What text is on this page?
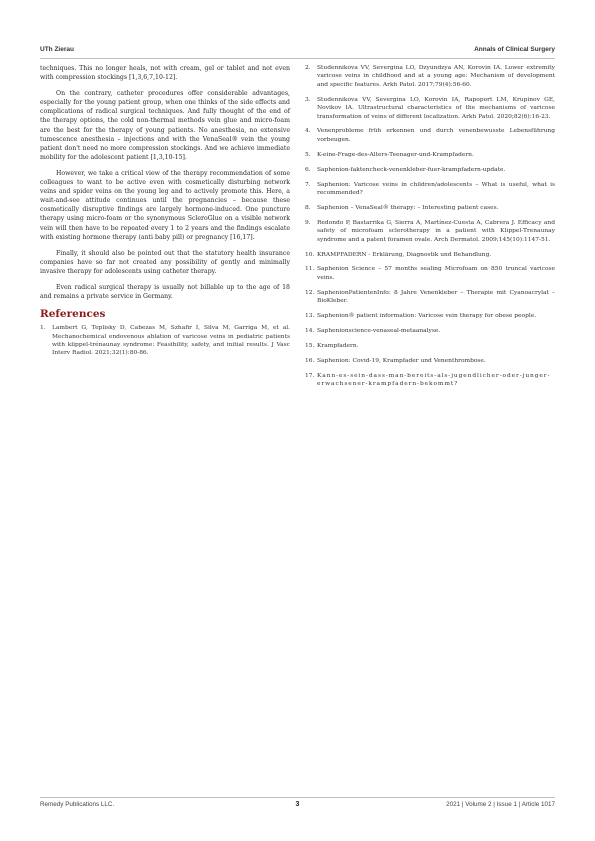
UTh Zierau	Annals of Clinical Surgery

techniques. This no longer heals, not with cream, gel or tablet and not even with compression stockings [1,3,6,7,10-12].

On the contrary, catheter procedures offer considerable advantages, especially for the young patient group, when one thinks of the side effects and complications of radical surgical techniques. And fully thought of the end of the therapy options, the cold non-thermal methods vein glue and micro-foam are the best for the therapy of young patients. No anesthesia, no extensive tumescence anesthesia – injections and with the VenaSeal® vein the young patient don't need no more compression stockings. And we achieve immediate mobility for the adolescent patient [1,3,10-15].

However, we take a critical view of the therapy recommendation of some colleagues to want to be active even with cosmetically disturbing network veins and spider veins on the young leg and to actively promote this. Here, a wait-and-see attitude continues until the pregnancies – because these cosmetically disruptive findings are largely hormone-induced. One puncture therapy using micro-foam or the synonymous ScleroGlue on a visible network vein will then have to be repeated every 1 to 2 years and the findings escalate with existing hormone therapy (anti baby pill) or pregnancy [16,17].

Finally, it should also be pointed out that the statutory health insurance companies have so far not created any possibility of gently and minimally invasive therapy for adolescents using catheter therapy.

Even radical surgical therapy is usually not billable up to the age of 18 and remains a private service in Germany.

References
1. Lambert G, Teplisky D, Cabezas M, Szhafir I, Silva M, Garriga M, et al. Mechanochemical endovenous ablation of varicose veins in pediatric patients with klippel-trénaunay syndrome: Feasibility, safety, and initial results. J Vasc Interv Radiol. 2021;32(1):80-86.
2. Studennikova VV, Severgina LO, Dzyundzya AN, Korovin IA. Lower extremity varicose veins in childhood and at a young age: Mechanism of development and specific features. Arkh Patol. 2017;79(4):56-60.
3. Studennikova VV, Severgina LO, Korovin IA, Rapoport LM, Krupinov GE, Novikov IA. Ultrastructural characteristics of the mechanisms of varicose transformation of veins of different localization. Arkh Patol. 2020;82(6):16-23.
4. Venenprobleme früh erkennen und durch venenbewusste Lebensführung vorbeugen.
5. K-eine-Frage-des-Alters-Teenager-und-Krampfadern.
6. Saphenion-faktencheck-venenkleber-fuer-krampfadern-update.
7. Saphenion: Varicose veins in children/adolescents – What is useful, what is recommended?
8. Saphenion – VenaSeal® therapy: – Interesting patient cases.
9. Redondo P, Bastarrika G, Sierra A, Martínez-Cuesta A, Cabrera J. Efficacy and safety of microfoam sclerotherapy in a patient with Klippel-Trenaunay syndrome and a patent foramen ovale. Arch Dermatol. 2009;145(10):1147-51.
10. KRAMPFADERN - Erklärung, Diagnostik und Behandlung.
11. Saphenion Science – 57 months sealing Microfoam on 850 truncal varicose veins.
12. SaphenionPatientenInfo: 8 Jahre Venenkleber – Therapie mit Cyanoacrylat – BioKleber.
13. Saphenion® patient information: Varicose vein therapy for obese people.
14. Saphenionscience-venaseal-metaanalyse.
15. Krampfadern.
16. Saphenion: Covid-19, Krampfader und Venenthrombose.
17. Kann-es-sein-dass-man-bereits-als-jugendlicher-oder-junger-erwachsener-krampfadern-bekommt?
Remedy Publications LLC.	3	2021 | Volume 2 | Issue 1 | Article 1017
